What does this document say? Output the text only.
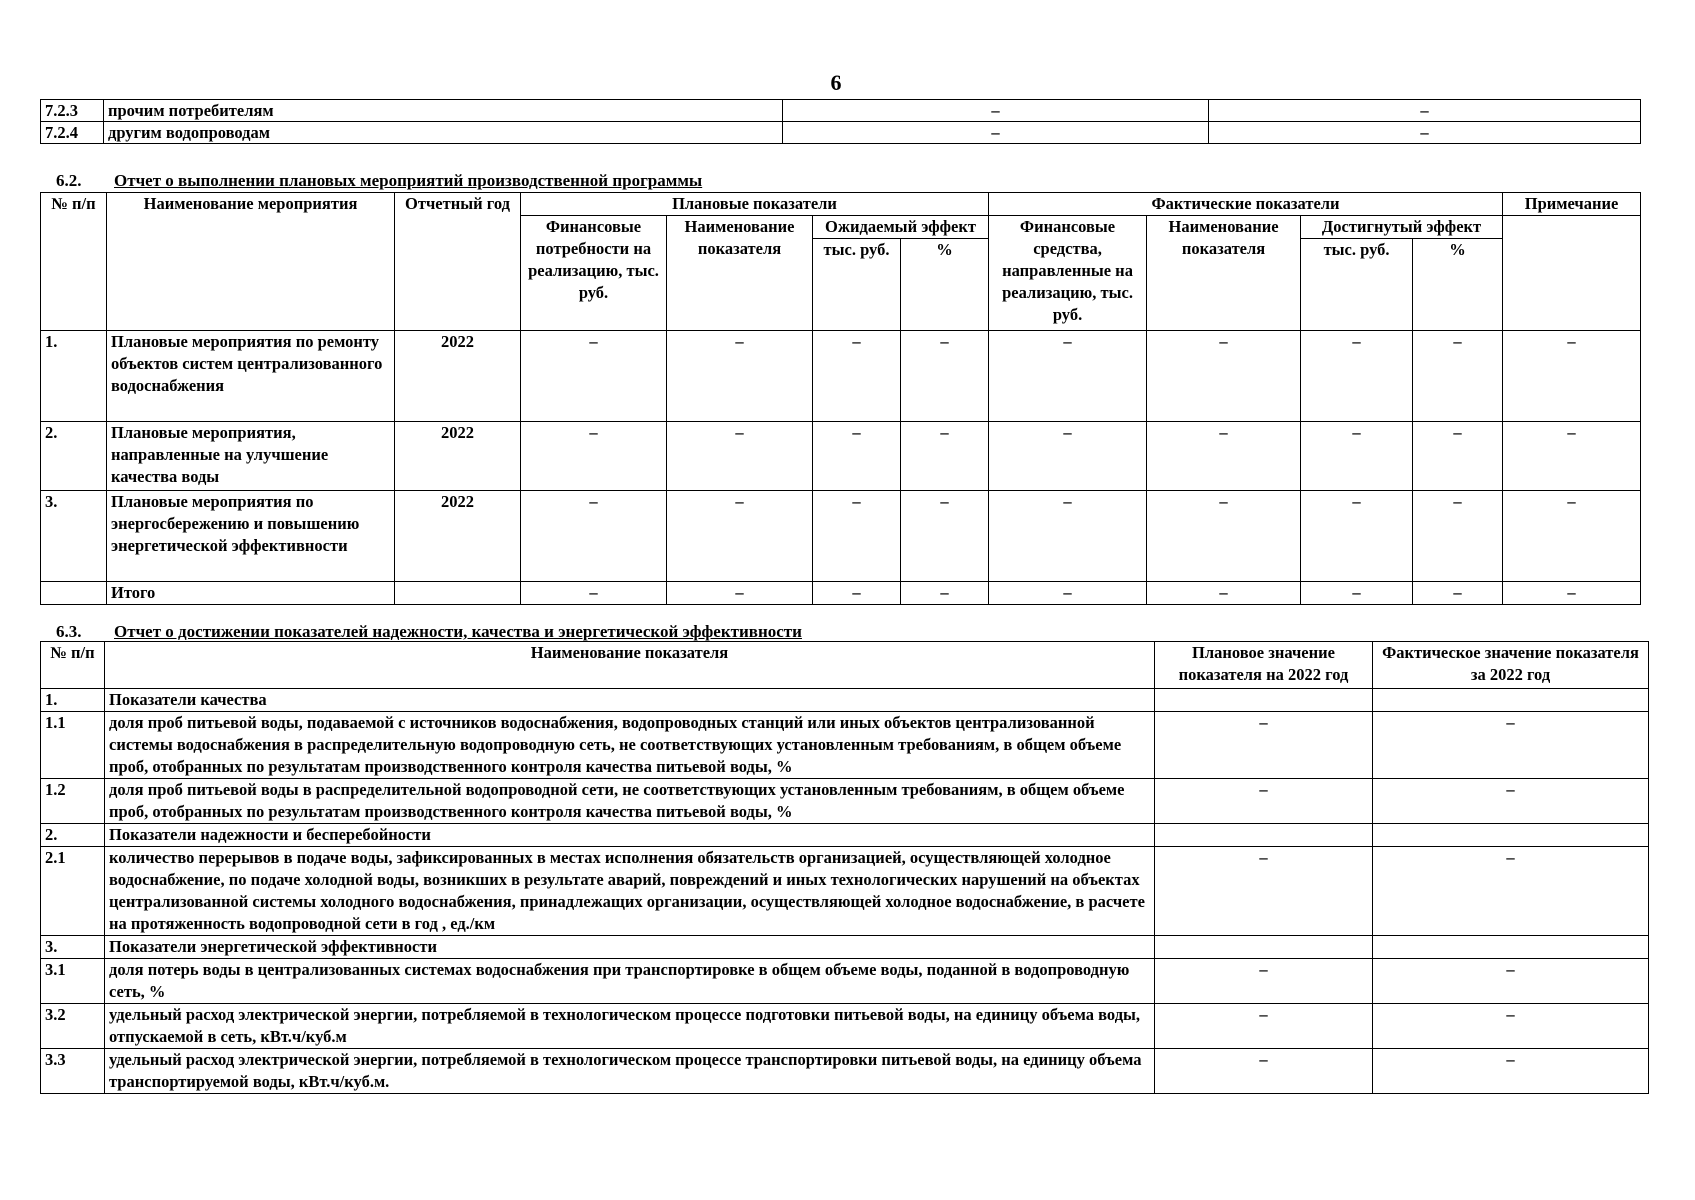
6
7.2.3	прочим потребителям	–	–
7.2.4	другим водопроводам	–	–
6.2. Отчет о выполнении плановых мероприятий производственной программы
№ п/п	Наименование мероприятия	Отчетный год	Плановые показатели				Фактические показатели				Примечание
			Финансовые потребности на реализацию, тыс. руб.	Наименование показателя	Ожидаемый эффект		Финансовые средства, направленные на реализацию, тыс. руб.	Наименование показателя	Достигнутый эффект		
					тыс. руб.	%			тыс. руб.	%	
1.	Плановые мероприятия по ремонту объектов систем централизованного водоснабжения	2022	–	–	–	–	–	–	–	–	–
2.	Плановые мероприятия, направленные на улучшение качества воды	2022	–	–	–	–	–	–	–	–	–
3.	Плановые мероприятия по энергосбережению и повышению энергетической эффективности	2022	–	–	–	–	–	–	–	–	–
	Итого		–	–	–	–	–	–	–	–	–
6.3. Отчет о достижении показателей надежности, качества и энергетической эффективности
№ п/п	Наименование показателя	Плановое значение показателя на 2022 год	Фактическое значение показателя за 2022 год
1.	Показатели качества		
1.1	доля проб питьевой воды, подаваемой с источников водоснабжения, водопроводных станций или иных объектов централизованной системы водоснабжения в распределительную водопроводную сеть, не соответствующих установленным требованиям, в общем объеме проб, отобранных по результатам производственного контроля качества питьевой воды, %	–	–
1.2	доля проб питьевой воды в распределительной водопроводной сети, не соответствующих установленным требованиям, в общем объеме проб, отобранных по результатам производственного контроля качества питьевой воды, %	–	–
2.	Показатели надежности и бесперебойности		
2.1	количество перерывов в подаче воды, зафиксированных в местах исполнения обязательств организацией, осуществляющей холодное водоснабжение, по подаче холодной воды, возникших в результате аварий, повреждений и иных технологических нарушений на объектах централизованной системы холодного водоснабжения, принадлежащих организации, осуществляющей холодное водоснабжение, в расчете на протяженность водопроводной сети в год , ед./км	–	–
3.	Показатели энергетической эффективности		
3.1	доля потерь воды в централизованных системах водоснабжения при транспортировке в общем объеме воды, поданной в водопроводную сеть, %	–	–
3.2	удельный расход электрической энергии, потребляемой в технологическом процессе подготовки питьевой воды, на единицу объема воды, отпускаемой в сеть, кВт.ч/куб.м	–	–
3.3	удельный расход электрической энергии, потребляемой в технологическом процессе транспортировки питьевой воды, на единицу объема транспортируемой воды, кВт.ч/куб.м.	–	–
